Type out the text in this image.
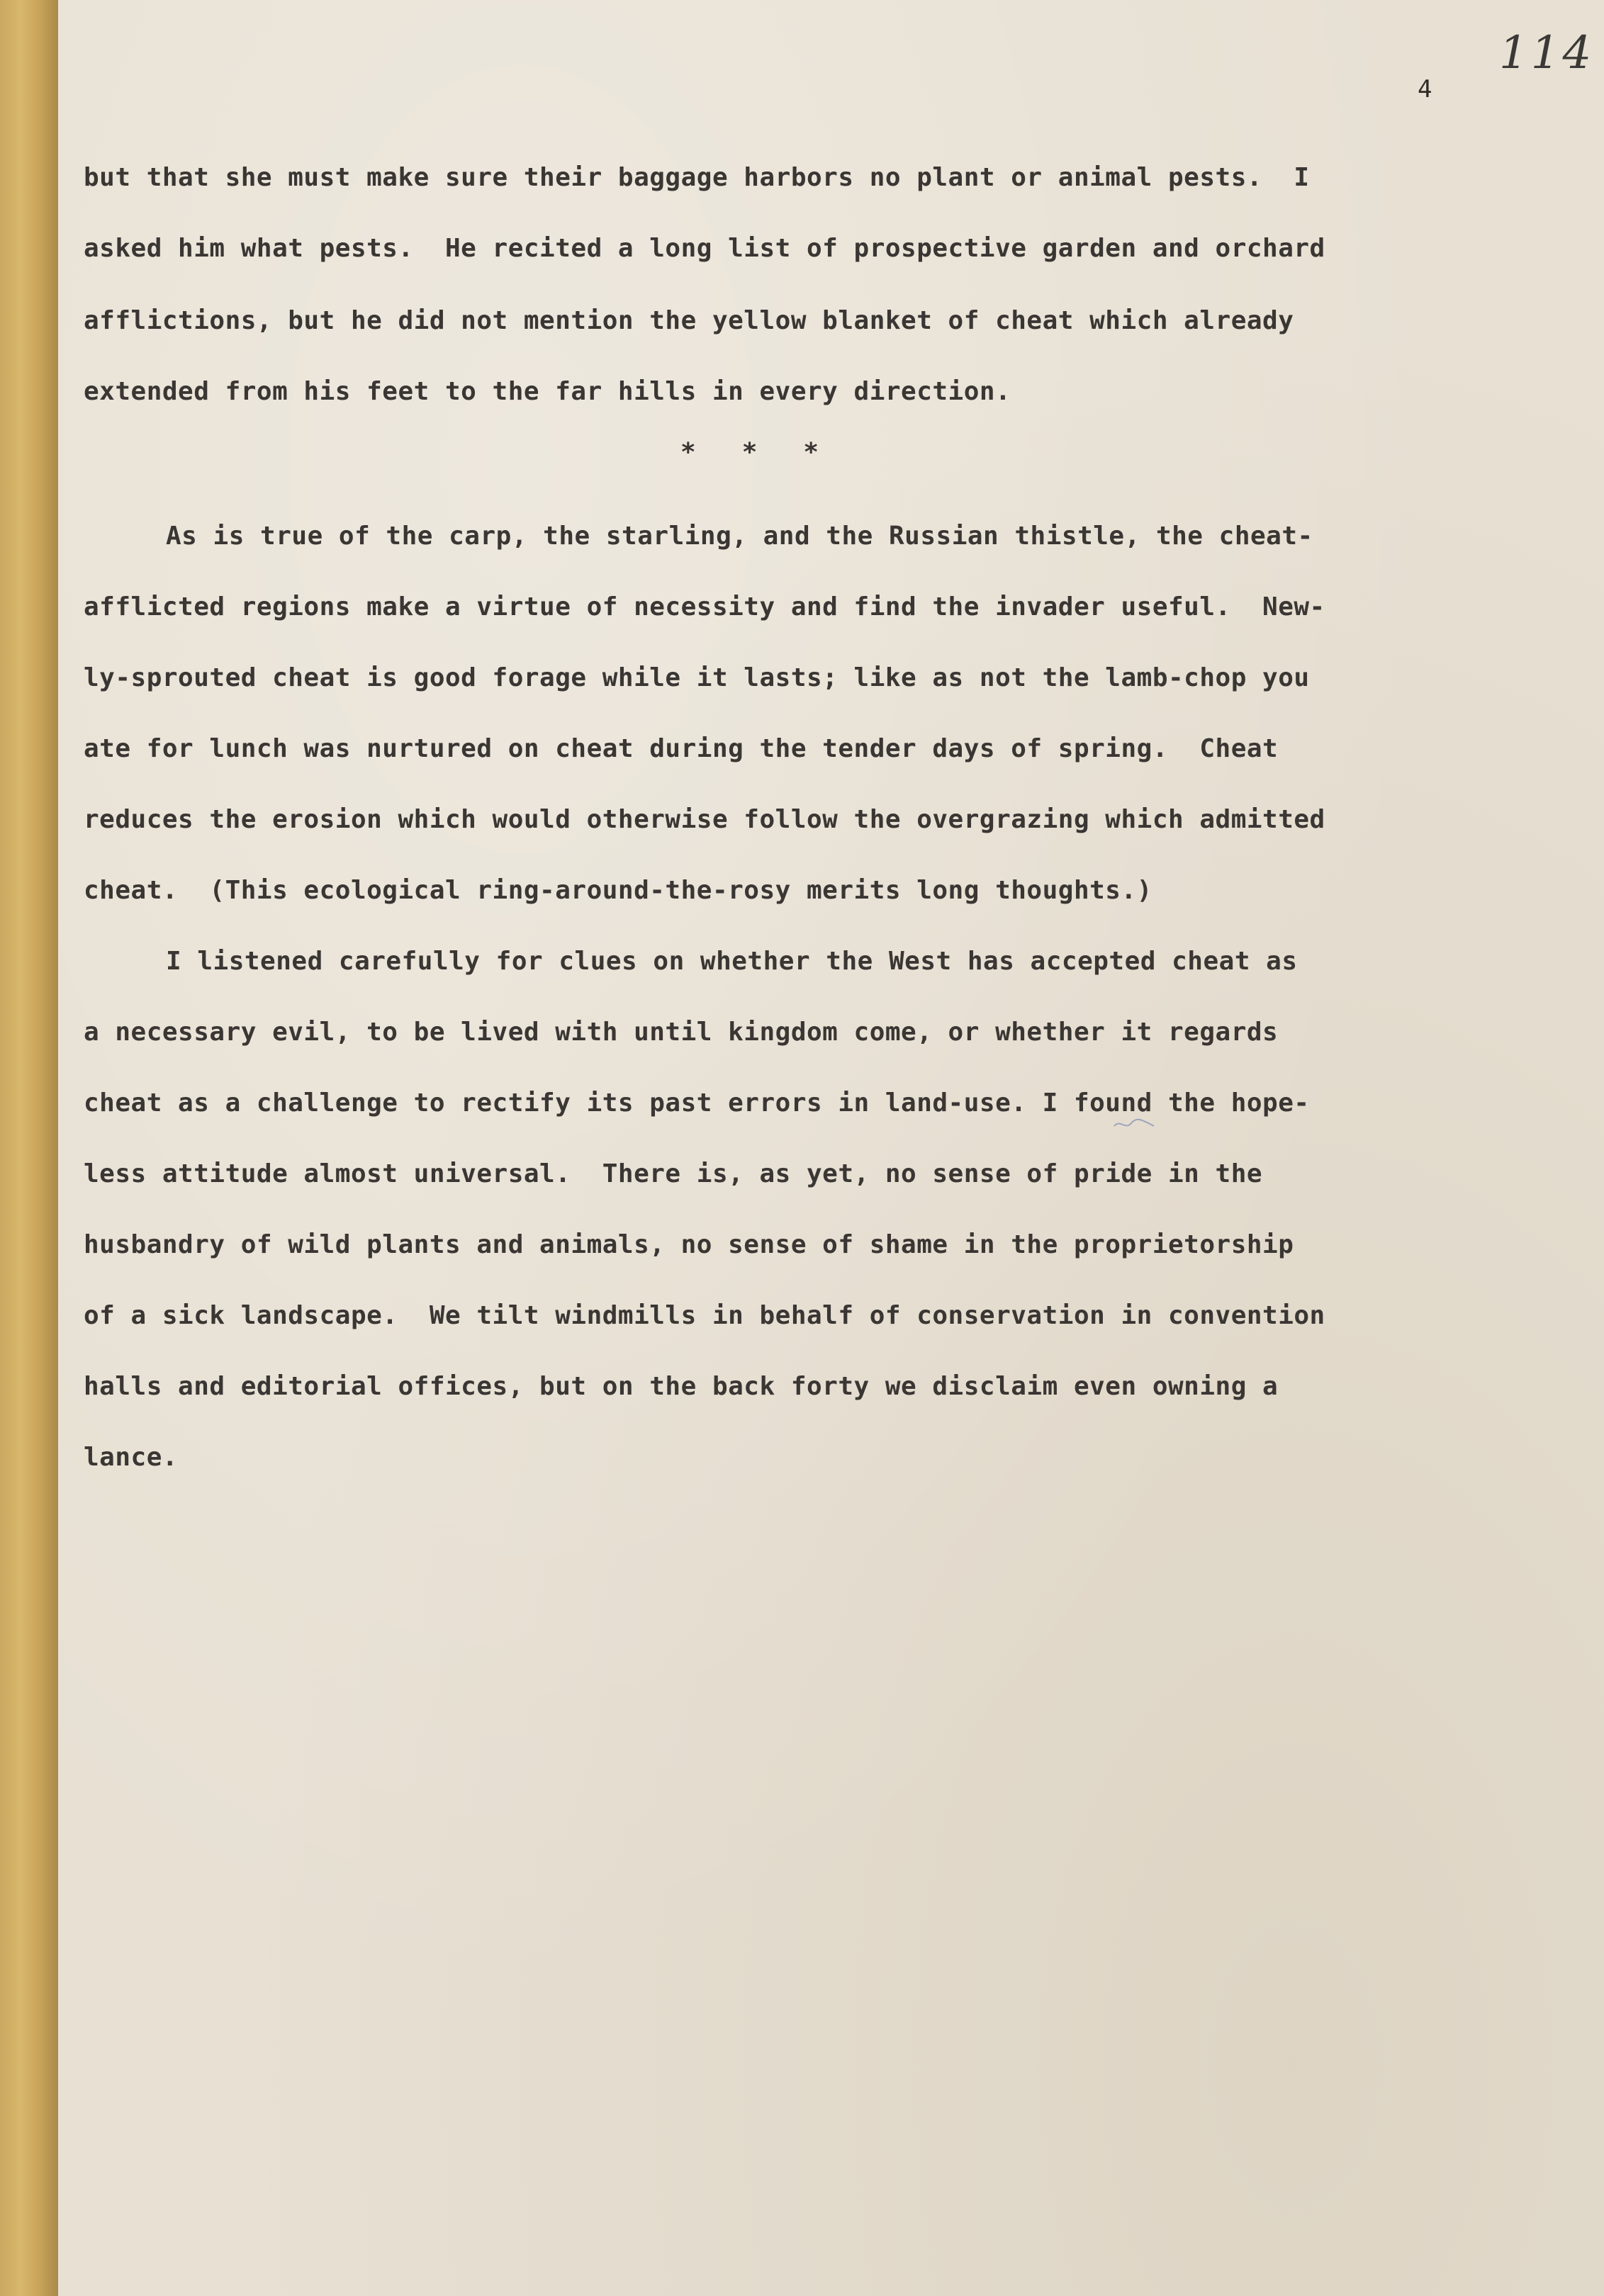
4
114
but that she must make sure their baggage harbors no plant or animal pests.  I
asked him what pests.  He recited a long list of prospective garden and orchard
afflictions, but he did not mention the yellow blanket of cheat which already
extended from his feet to the far hills in every direction.
As is true of the carp, the starling, and the Russian thistle, the cheat-
afflicted regions make a virtue of necessity and find the invader useful.  New-
ly-sprouted cheat is good forage while it lasts; like as not the lamb-chop you
ate for lunch was nurtured on cheat during the tender days of spring.  Cheat
reduces the erosion which would otherwise follow the overgrazing which admitted
cheat.  (This ecological ring-around-the-rosy merits long thoughts.)
I listened carefully for clues on whether the West has accepted cheat as
a necessary evil, to be lived with until kingdom come, or whether it regards
cheat as a challenge to rectify its past errors in land-use. I found the hope-
less attitude almost universal.  There is, as yet, no sense of pride in the
husbandry of wild plants and animals, no sense of shame in the proprietorship
of a sick landscape.  We tilt windmills in behalf of conservation in convention
halls and editorial offices, but on the back forty we disclaim even owning a
lance.
*   *   *
